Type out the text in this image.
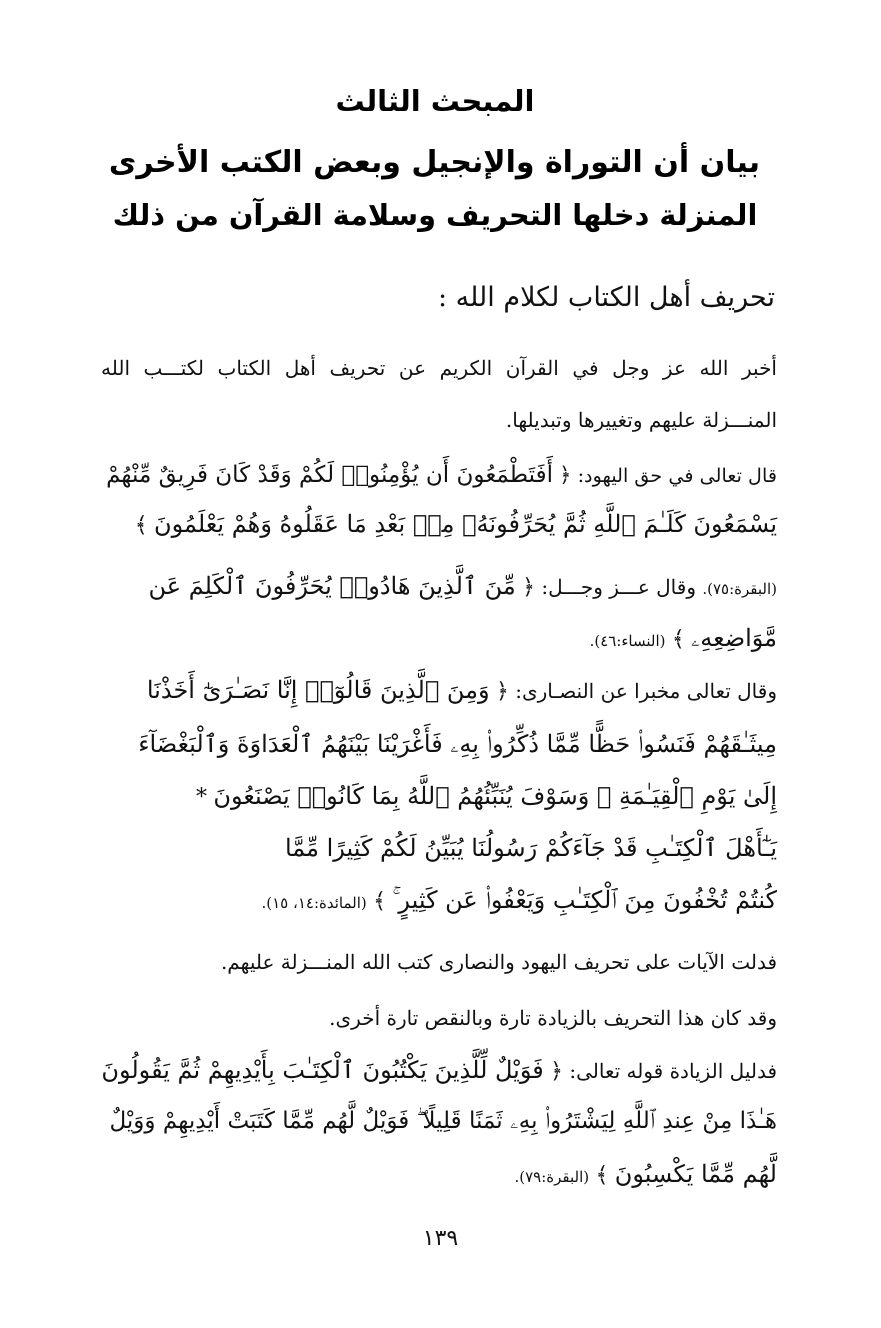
المبحث الثالث
بيان أن التوراة والإنجيل وبعض الكتب الأخرى
المنزلة دخلها التحريف وسلامة القرآن من ذلك
تحريف أهل الكتاب لكلام الله :
أخبر الله عز وجل في القرآن الكريم عن تحريف أهل الكتاب لكتـــب الله
المنـــزلة عليهم وتغييرها وتبديلها.
قال تعالى في حق اليهود: ﴿ أَفَتَطْمَعُونَ أَن يُؤْمِنُوا۟ لَكُمْ وَقَدْ كَانَ فَرِيقٌ مِّنْهُمْ
يَسْمَعُونَ كَلَـٰمَ ٱللَّهِ ثُمَّ يُحَرِّفُونَهُۥ مِنۢ بَعْدِ مَا عَقَلُوهُ وَهُمْ يَعْلَمُونَ ﴾
(البقرة:٧٥). وقال عـــز وجـــل: ﴿ مِّنَ ٱلَّذِينَ هَادُوا۟ يُحَرِّفُونَ ٱلْكَلِمَ عَن
مَّوَاضِعِهِۦ ﴾ (النساء:٤٦).
وقال تعالى مخبرا عن النصـارى: ﴿ وَمِنَ ٱلَّذِينَ قَالُوٓا۟ إِنَّا نَصَـٰرَىٰٓ أَخَذْنَا
مِيثَـٰقَهُمْ فَنَسُوا۟ حَظًّا مِّمَّا ذُكِّرُوا۟ بِهِۦ فَأَغْرَيْنَا بَيْنَهُمُ ٱلْعَدَاوَةَ وَٱلْبَغْضَآءَ
إِلَىٰ يَوْمِ ٱلْقِيَـٰمَةِ ۚ وَسَوْفَ يُنَبِّئُهُمُ ٱللَّهُ بِمَا كَانُوا۟ يَصْنَعُونَ *
يَـٰٓأَهْلَ ٱلْكِتَـٰبِ قَدْ جَآءَكُمْ رَسُولُنَا يُبَيِّنُ لَكُمْ كَثِيرًا مِّمَّا
كُنتُمْ تُخْفُونَ مِنَ ٱلْكِتَـٰبِ وَيَعْفُوا۟ عَن كَثِيرٍ ۚ ﴾ (المائدة:١٤، ١٥).
فدلت الآيات على تحريف اليهود والنصارى كتب الله المنـــزلة عليهم.
وقد كان هذا التحريف بالزيادة تارة وبالنقص تارة أخرى.
فدليل الزيادة قوله تعالى: ﴿ فَوَيْلٌ لِّلَّذِينَ يَكْتُبُونَ ٱلْكِتَـٰبَ بِأَيْدِيهِمْ ثُمَّ يَقُولُونَ
هَـٰذَا مِنْ عِندِ ٱللَّهِ لِيَشْتَرُوا۟ بِهِۦ ثَمَنًا قَلِيلًا ۖ فَوَيْلٌ لَّهُم مِّمَّا كَتَبَتْ أَيْدِيهِمْ وَوَيْلٌ
لَّهُم مِّمَّا يَكْسِبُونَ ﴾ (البقرة:٧٩).
١٣٩
